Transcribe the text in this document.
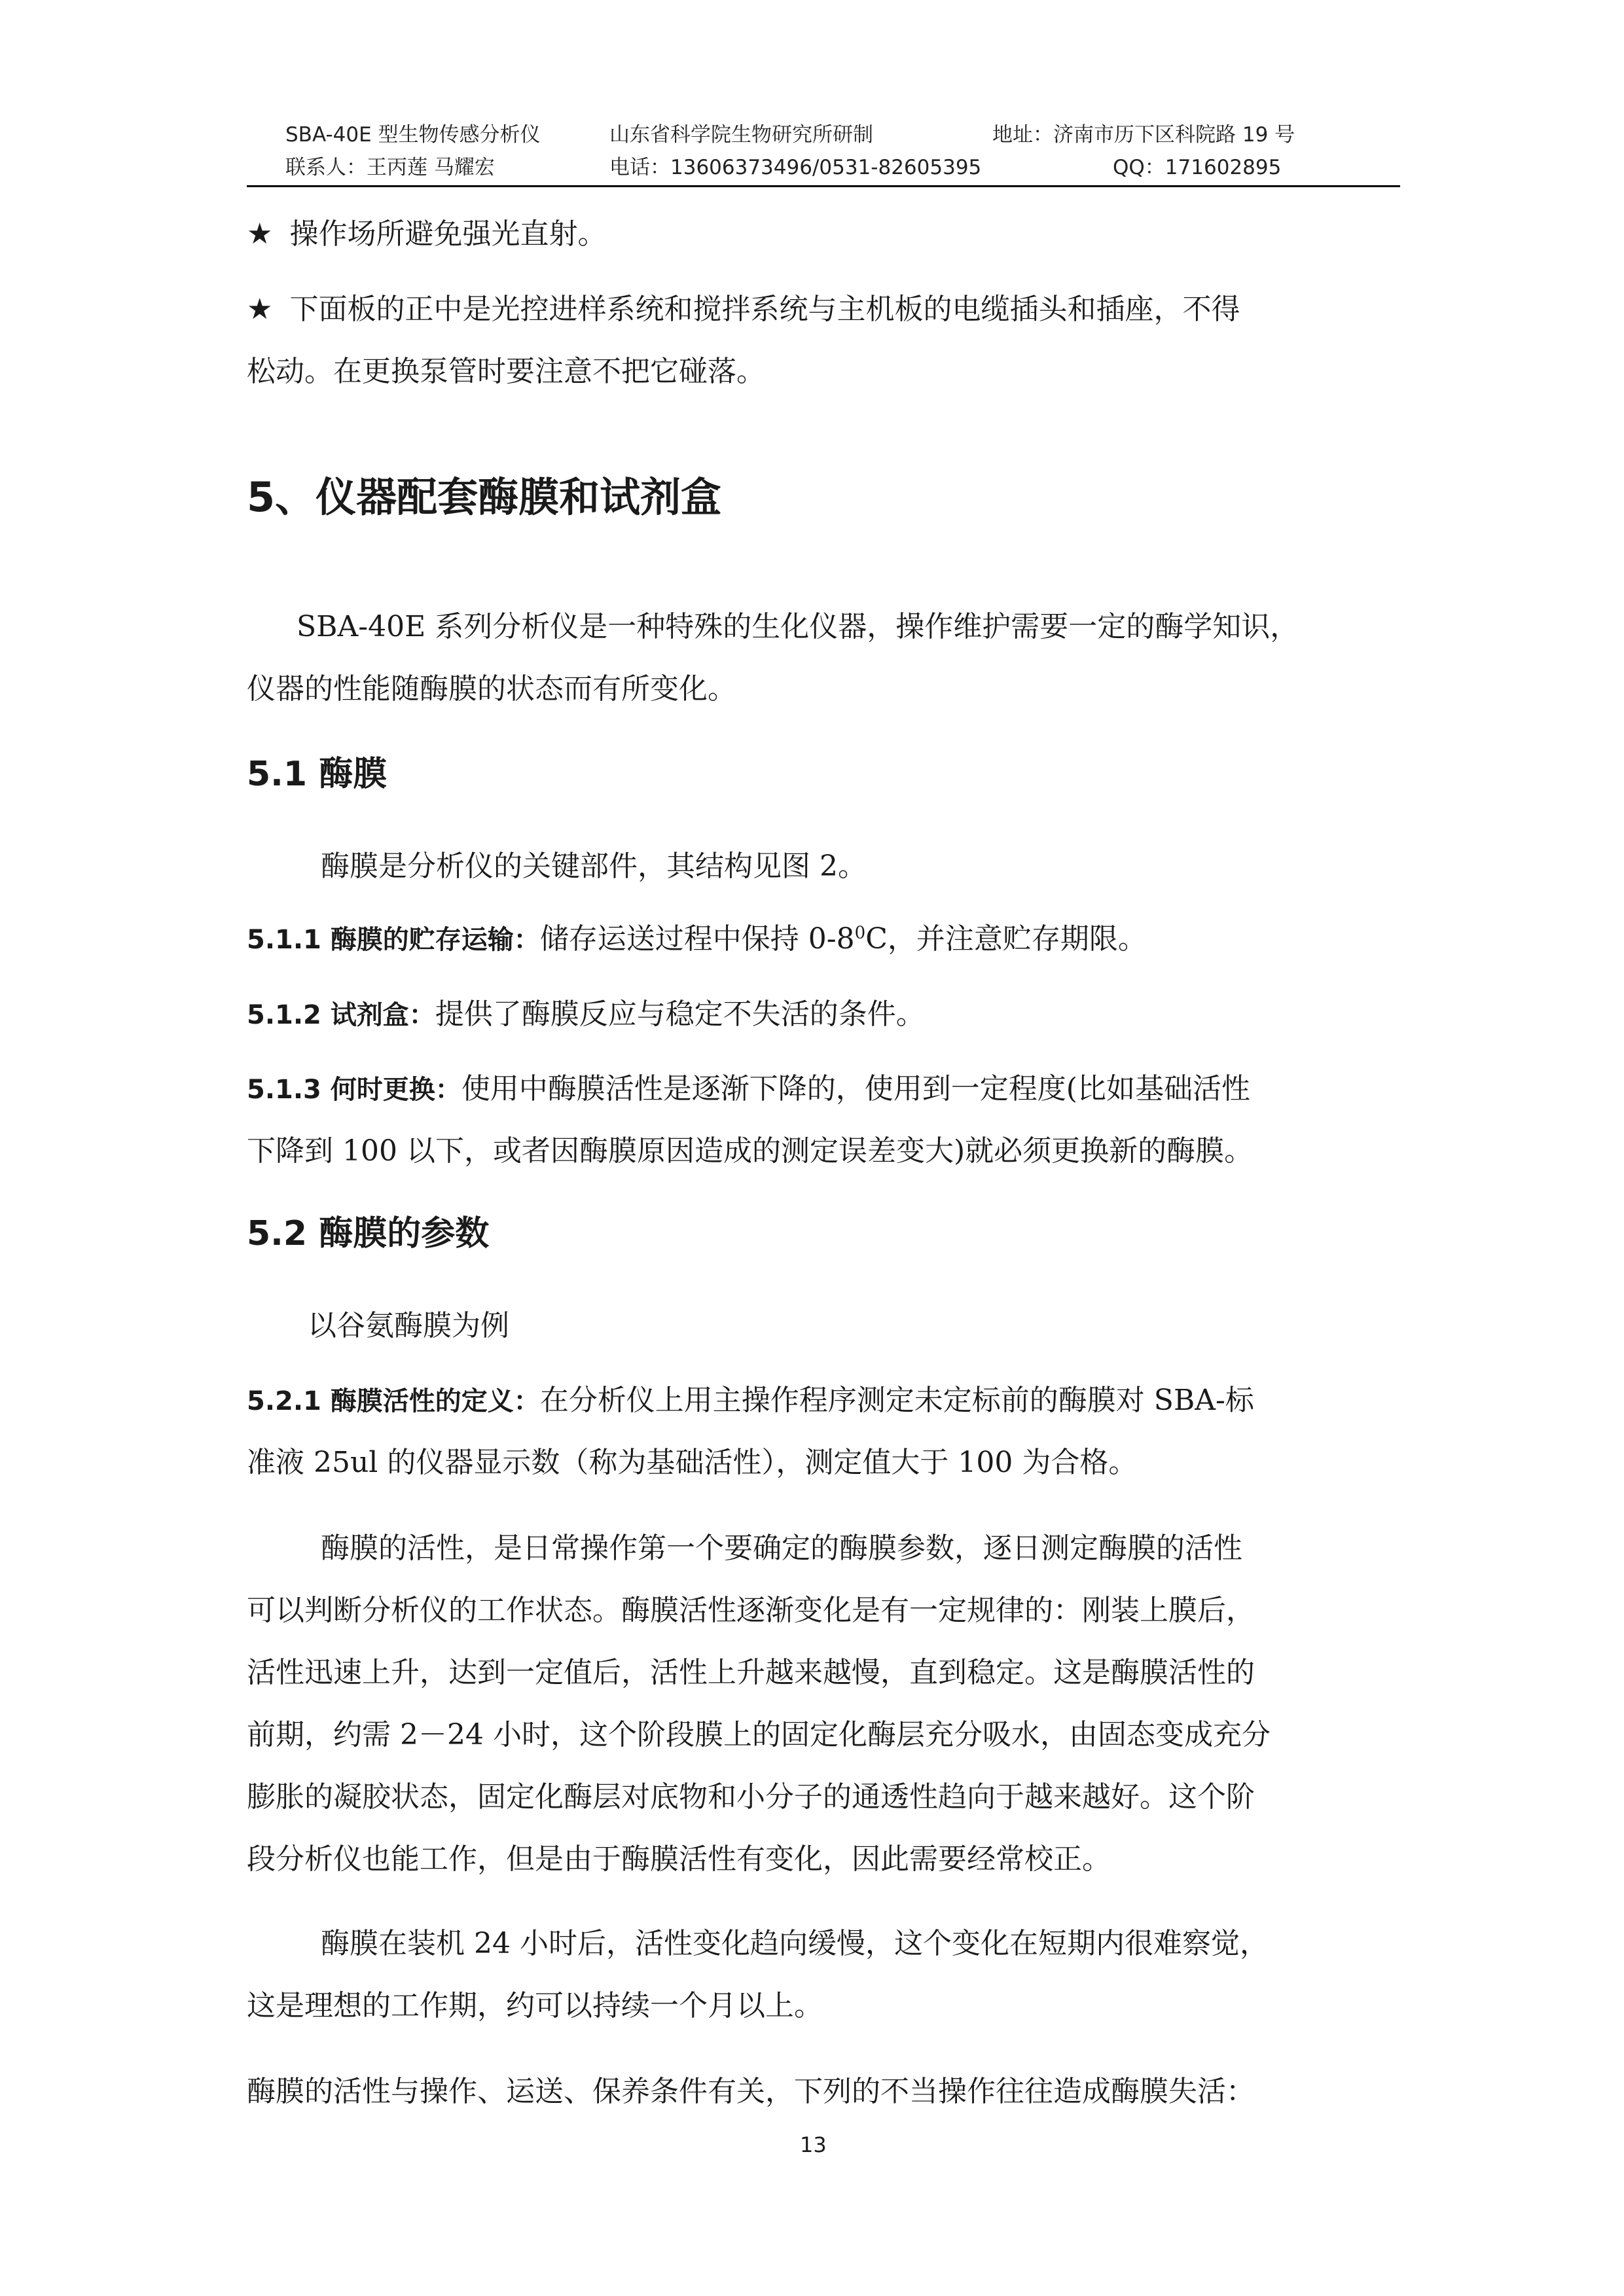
SBA-40E 型生物传感分析仪	山东省科学院生物研究所研制	地址：济南市历下区科院路 19 号
联系人：王丙莲 马耀宏	电话：13606373496/0531-82605395	QQ：171602895
★ 操作场所避免强光直射。
★ 下面板的正中是光控进样系统和搅拌系统与主机板的电缆插头和插座，不得
松动。在更换泵管时要注意不把它碰落。
5、仪器配套酶膜和试剂盒
SBA-40E 系列分析仪是一种特殊的生化仪器，操作维护需要一定的酶学知识，
仪器的性能随酶膜的状态而有所变化。
5.1 酶膜
酶膜是分析仪的关键部件，其结构见图 2。
5.1.1 酶膜的贮存运输：储存运送过程中保持 $0-8^0C$，并注意贮存期限。
5.1.2 试剂盒：提供了酶膜反应与稳定不失活的条件。
5.1.3 何时更换：使用中酶膜活性是逐渐下降的，使用到一定程度(比如基础活性
下降到 100 以下，或者因酶膜原因造成的测定误差变大)就必须更换新的酶膜。
5.2 酶膜的参数
以谷氨酶膜为例
5.2.1 酶膜活性的定义：在分析仪上用主操作程序测定未定标前的酶膜对 SBA-标
准液 25ul 的仪器显示数（称为基础活性），测定值大于 100 为合格。
酶膜的活性，是日常操作第一个要确定的酶膜参数，逐日测定酶膜的活性
可以判断分析仪的工作状态。酶膜活性逐渐变化是有一定规律的：刚装上膜后，
活性迅速上升，达到一定值后，活性上升越来越慢，直到稳定。这是酶膜活性的
前期，约需 2－24 小时，这个阶段膜上的固定化酶层充分吸水，由固态变成充分
膨胀的凝胶状态，固定化酶层对底物和小分子的通透性趋向于越来越好。这个阶
段分析仪也能工作，但是由于酶膜活性有变化，因此需要经常校正。
酶膜在装机 24 小时后，活性变化趋向缓慢，这个变化在短期内很难察觉，
这是理想的工作期，约可以持续一个月以上。
酶膜的活性与操作、运送、保养条件有关，下列的不当操作往往造成酶膜失活：
13
